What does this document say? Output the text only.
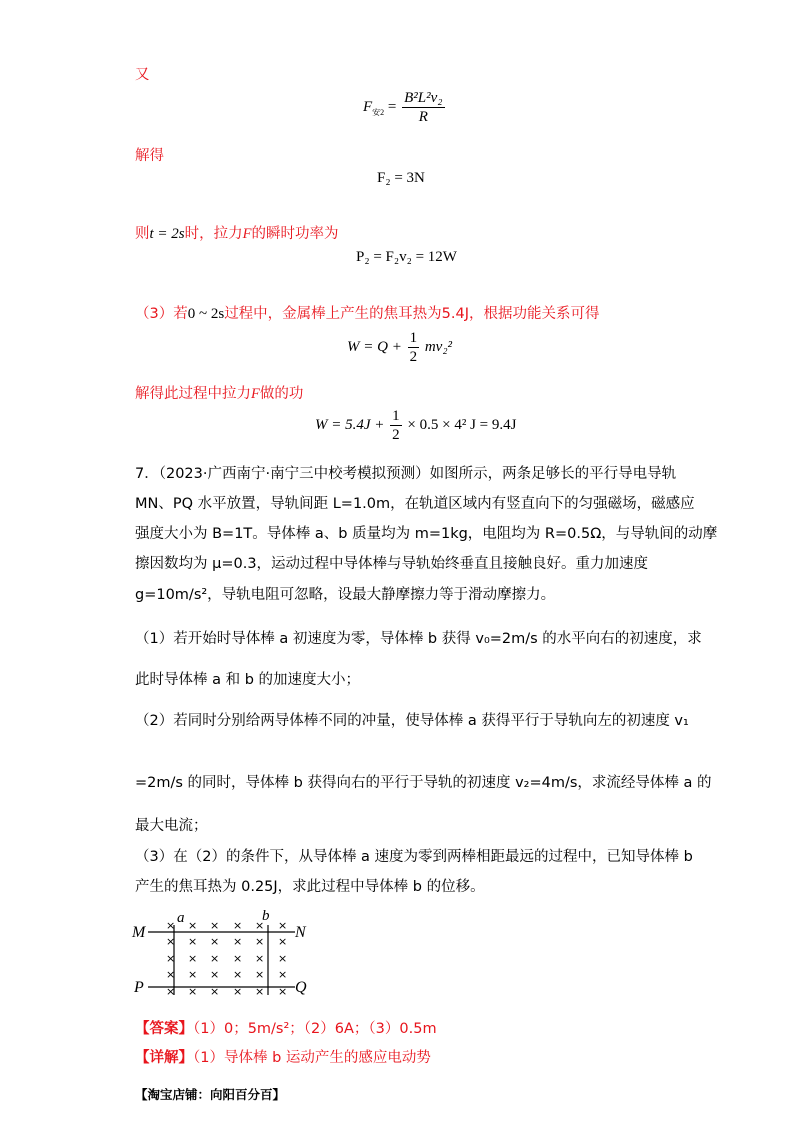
又
$F_{安2} = \frac{\text{B²L²v₂}}{R}$
解得
F₂ = 3N
则t = 2s时，拉力F的瞬时功率为
P₂ = F₂v₂ = 12W
（3）若0 ~ 2s过程中，金属棒上产生的焦耳热为5.4J，根据功能关系可得
$W = Q + \frac{1}{2} mv_2^2$
解得此过程中拉力F做的功
$W = 5.4J + \frac{1}{2} \times 0.5 \times 4^2$ J = 9.4J
7．（2023·广西南宁·南宁三中校考模拟预测）如图所示，两条足够长的平行导电导轨
MN、PQ 水平放置，导轨间距 L=1.0m，在轨道区域内有竖直向下的匀强磁场，磁感应
强度大小为 B=1T。导体棒 a、b 质量均为 m=1kg，电阻均为 R=0.5Ω，与导轨间的动摩
擦因数均为 μ=0.3，运动过程中导体棒与导轨始终垂直且接触良好。重力加速度
g=10m/s²，导轨电阻可忽略，设最大静摩擦力等于滑动摩擦力。
（1）若开始时导体棒 a 初速度为零，导体棒 b 获得 v₀=2m/s 的水平向右的初速度，求
此时导体棒 a 和 b 的加速度大小；
（2）若同时分别给两导体棒不同的冲量，使导体棒 a 获得平行于导轨向左的初速度 v₁
=2m/s 的同时，导体棒 b 获得向右的平行于导轨的初速度 v₂=4m/s，求流经导体棒 a 的
最大电流；
（3）在（2）的条件下，从导体棒 a 速度为零到两棒相距最远的过程中，已知导体棒 b
产生的焦耳热为 0.25J，求此过程中导体棒 b 的位移。
× × × × × ×
× × × × × ×
× × × × × ×
× × × × × ×
× × × × × ×
M	N
P	Q
a	b
【答案】（1）0；5m/s²；（2）6A；（3）0.5m
【详解】（1）导体棒 b 运动产生的感应电动势
【淘宝店铺：向阳百分百】
